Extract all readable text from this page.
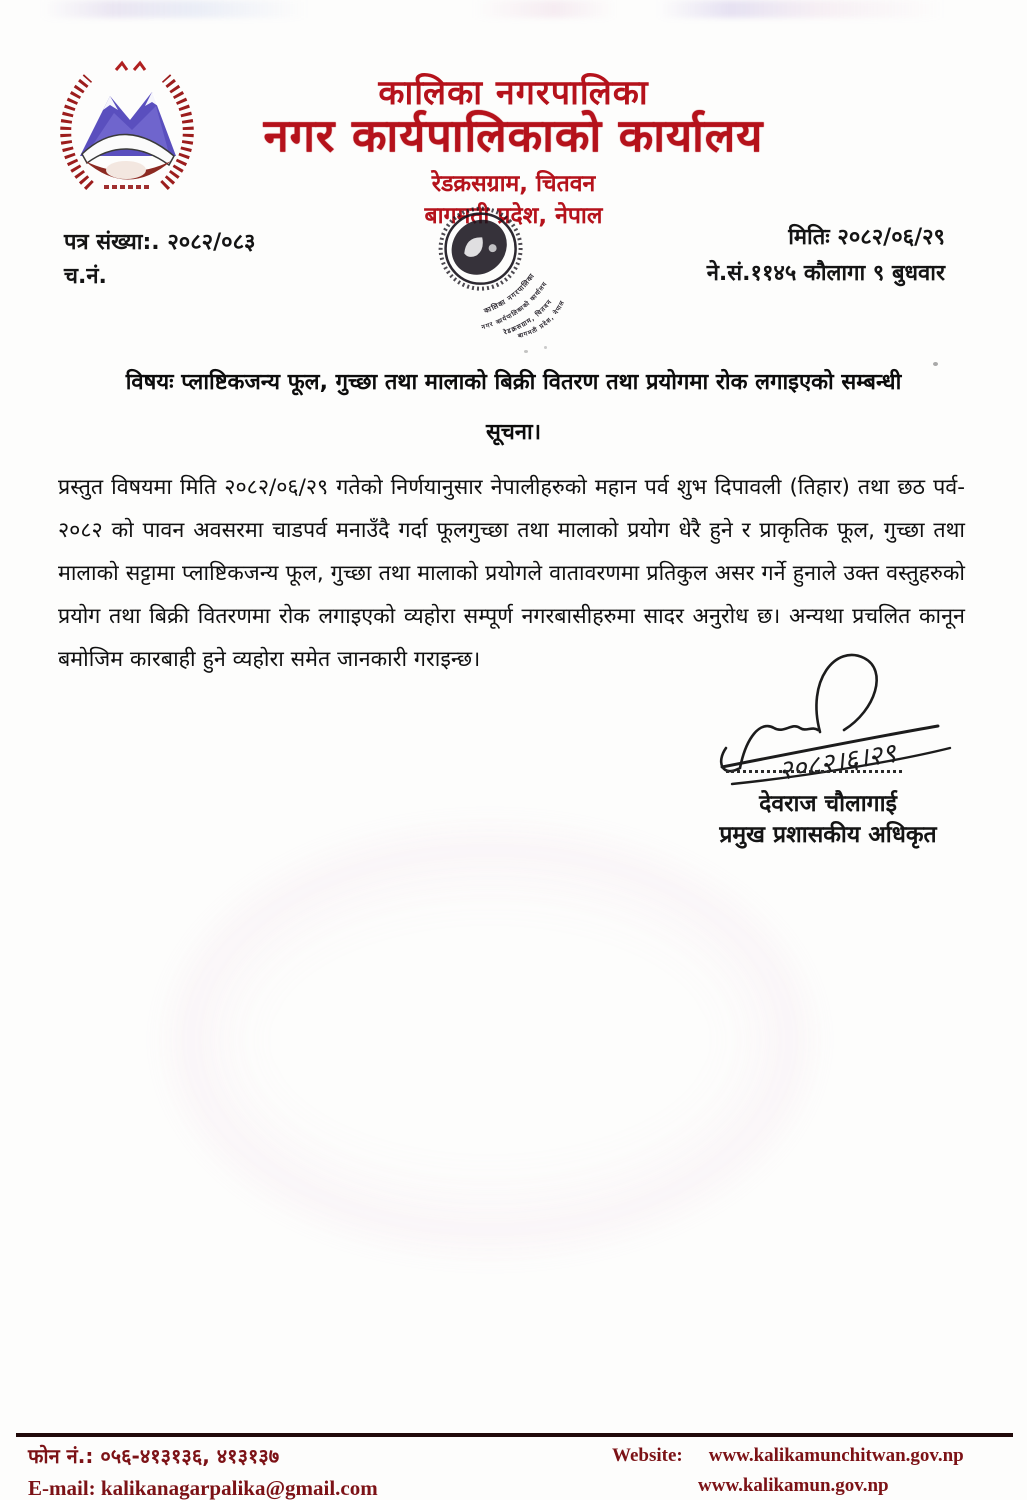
कालिका नगरपालिका
नगर कार्यपालिकाको कार्यालय
रेडक्रसग्राम, चितवन
बागमती प्रदेश, नेपाल
कालिका नगरपालिका
नगर कार्यपालिकाको कार्यालय
रेडक्रसग्राम, चितवन
बागमती प्रदेश, नेपाल
पत्र संख्या:. २०८२/०८३
च.नं.
मितिः २०८२/०६/२९
ने.सं.११४५ कौलागा ९ बुधवार
विषयः प्लाष्टिकजन्य फूल, गुच्छा तथा मालाको बिक्री वितरण तथा प्रयोगमा रोक लगाइएको सम्बन्धी
सूचना।
प्रस्तुत विषयमा मिति २०८२/०६/२९ गतेको निर्णयानुसार नेपालीहरुको महान पर्व शुभ दिपावली (तिहार) तथा छठ पर्व- २०८२ को पावन अवसरमा चाडपर्व मनाउँदै गर्दा फूलगुच्छा तथा मालाको प्रयोग धेरै हुने र प्राकृतिक फूल, गुच्छा तथा मालाको सट्टामा प्लाष्टिकजन्य फूल, गुच्छा तथा मालाको प्रयोगले वातावरणमा प्रतिकुल असर गर्ने हुनाले उक्त वस्तुहरुको प्रयोग तथा बिक्री वितरणमा रोक लगाइएको व्यहोरा सम्पूर्ण नगरबासीहरुमा सादर अनुरोध छ। अन्यथा प्रचलित कानून बमोजिम कारबाही हुने व्यहोरा समेत जानकारी गराइन्छ।
२०८२।६।२९
देवराज चौलागाई
प्रमुख प्रशासकीय अधिकृत
फोन नं.: ०५६-४१३१३६, ४१३१३७
E-mail: kalikanagarpalika@gmail.com
Website: www.kalikamunchitwan.gov.np
www.kalikamun.gov.np
